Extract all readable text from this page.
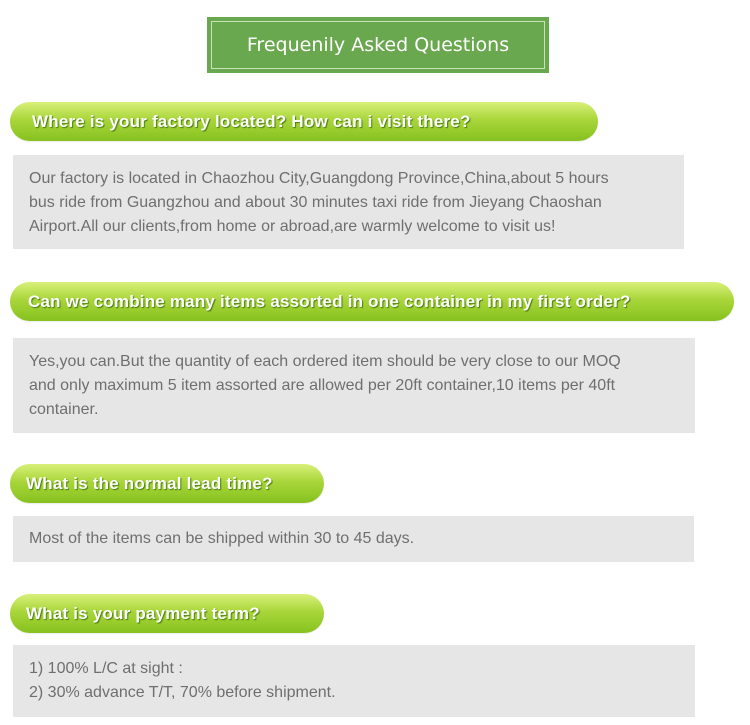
Frequenily Asked Questions
Where is your factory located? How can i visit there?
Our factory is located in Chaozhou City,Guangdong Province,China,about 5 hours
bus ride from Guangzhou and about 30 minutes taxi ride from Jieyang Chaoshan
Airport.All our clients,from home or abroad,are warmly welcome to visit us!
Can we combine many items assorted in one container in my first order?
Yes,you can.But the quantity of each ordered item should be very close to our MOQ
and only maximum 5 item assorted are allowed per 20ft container,10 items per 40ft
container.
What is the normal lead time?
Most of the items can be shipped within 30 to 45 days.
What is your payment term?
1) 100% L/C at sight :
2) 30% advance T/T, 70% before shipment.
